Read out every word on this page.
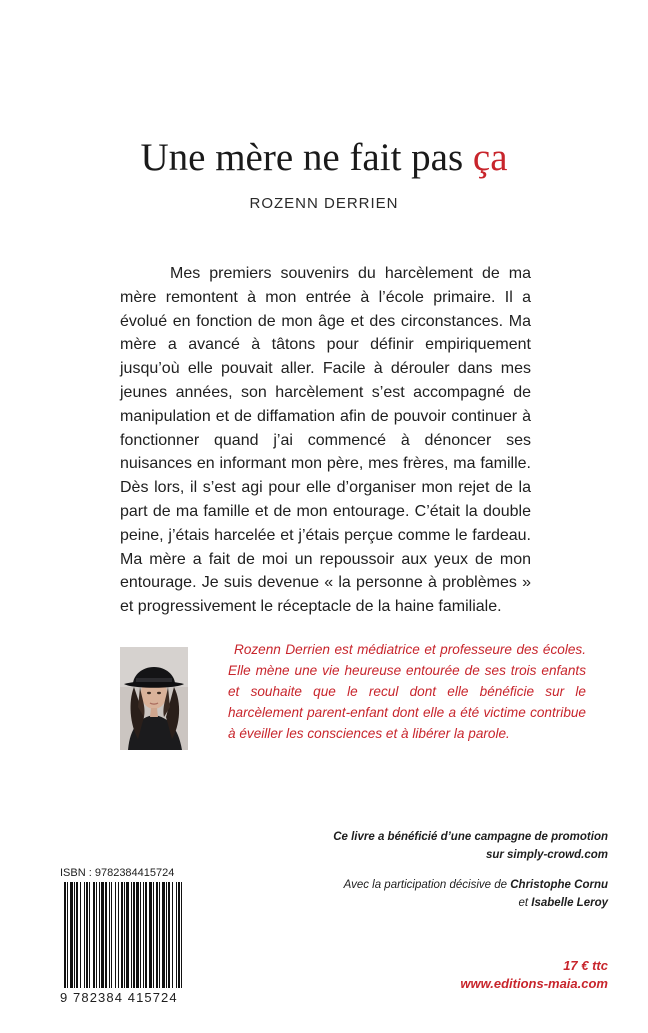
Une mère ne fait pas ça
ROZENN DERRIEN

Mes premiers souvenirs du harcèlement de ma mère remontent à mon entrée à l’école primaire. Il a évolué en fonction de mon âge et des circonstances. Ma mère a avancé à tâtons pour définir empiriquement jusqu’où elle pouvait aller. Facile à dérouler dans mes jeunes années, son harcèlement s’est accompagné de manipulation et de diffamation afin de pouvoir continuer à fonctionner quand j’ai commencé à dénoncer ses nuisances en informant mon père, mes frères, ma famille. Dès lors, il s’est agi pour elle d’organiser mon rejet de la part de ma famille et de mon entourage. C’était la double peine, j’étais harcelée et j’étais perçue comme le fardeau. Ma mère a fait de moi un repoussoir aux yeux de mon entourage. Je suis devenue « la personne à problèmes » et progressivement le réceptacle de la haine familiale.

Rozenn Derrien est médiatrice et professeure des écoles. Elle mène une vie heureuse entourée de ses trois enfants et souhaite que le recul dont elle bénéficie sur le harcèlement parent-enfant dont elle a été victime contribue à éveiller les consciences et à libérer la parole.

Ce livre a bénéficié d’une campagne de promotion
sur simply-crowd.com
Avec la participation décisive de Christophe Cornu
et Isabelle Leroy
ISBN : 9782384415724
9 782384 415724
17 € ttc
www.editions-maia.com
